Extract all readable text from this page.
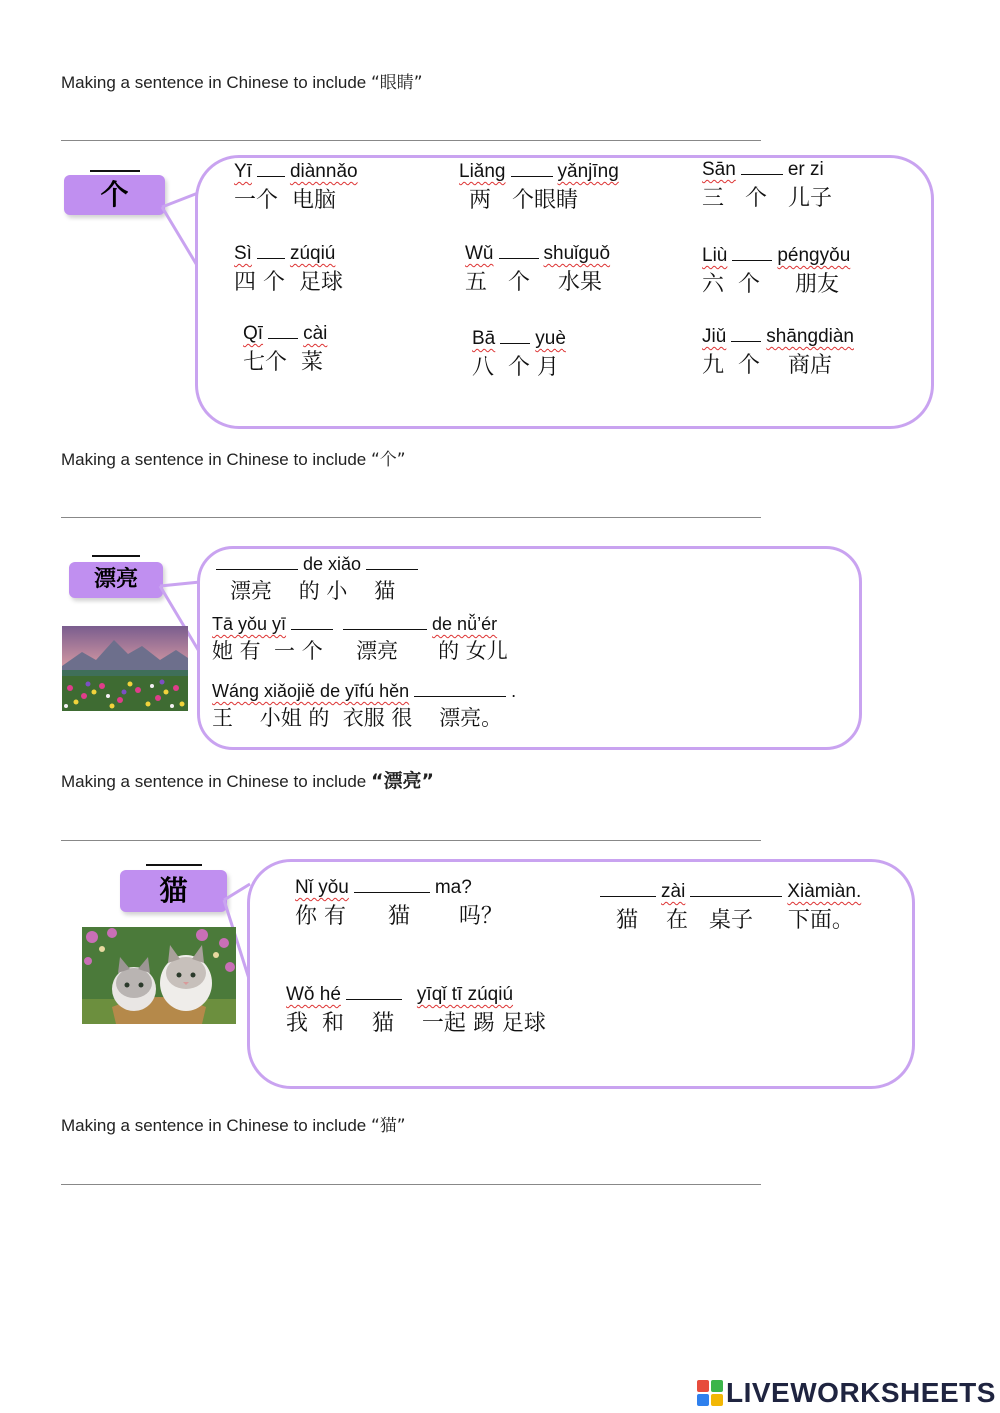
Making a sentence in Chinese to include “眼睛”
个
Yī diànnǎo
一个  电脑
Liǎng	yǎnjīng
两   个眼睛
Sān	er zi
三   个   儿子
Sì zúqiú
四 个  足球
Wǔ	shuǐguǒ
五   个    水果
Liù	péngyǒu
六  个     朋友
Qī cài
七个  菜
Bā yuè
八  个 月
Jiǔ shāngdiàn
九  个    商店
Making a sentence in Chinese to include “个”
漂亮
de xiǎo
漂亮    的 小    猫
Tā yǒu yī	de nǚ’ér
她 有  一 个     漂亮      的 女儿
Wáng xiǎojiě de yīfú hěn	.
王    小姐 的  衣服 很    漂亮。
Making a sentence in Chinese to include “漂亮”
猫	Nǐ yǒu	ma?
你 有      猫       吗？
zài	Xiàmiàn.
猫    在   桌子     下面。
Wǒ hé	yīqǐ tī zúqiú
我  和    猫    一起 踢 足球
Making a sentence in Chinese to include “猫”
LIVEWORKSHEETS
